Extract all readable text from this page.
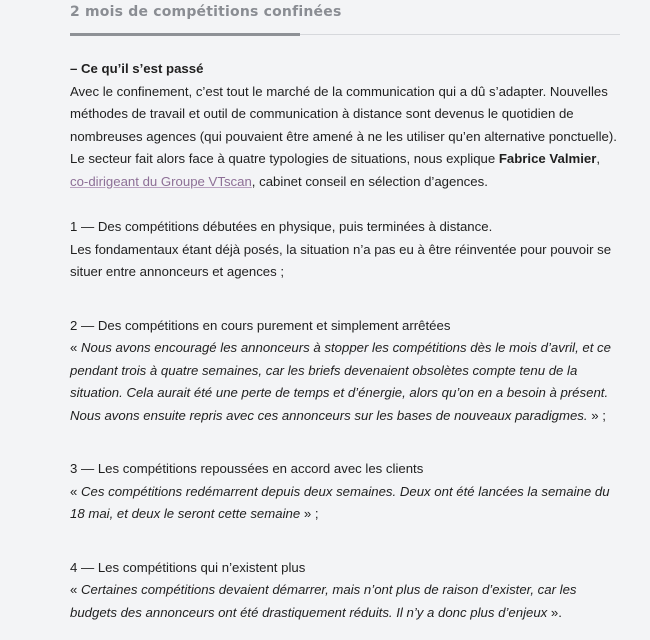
2 mois de compétitions confinées

– Ce qu’il s’est passé

Avec le confinement, c’est tout le marché de la communication qui a dû s’adapter. Nouvelles méthodes de travail et outil de communication à distance sont devenus le quotidien de nombreuses agences (qui pouvaient être amené à ne les utiliser qu’en alternative ponctuelle). Le secteur fait alors face à quatre typologies de situations, nous explique Fabrice Valmier, co-dirigeant du Groupe VTscan, cabinet conseil en sélection d’agences.

1 — Des compétitions débutées en physique, puis terminées à distance.

Les fondamentaux étant déjà posés, la situation n’a pas eu à être réinventée pour pouvoir se situer entre annonceurs et agences ;

2 — Des compétitions en cours purement et simplement arrêtées

« Nous avons encouragé les annonceurs à stopper les compétitions dès le mois d’avril, et ce pendant trois à quatre semaines, car les briefs devenaient obsolètes compte tenu de la situation. Cela aurait été une perte de temps et d’énergie, alors qu’on en a besoin à présent. Nous avons ensuite repris avec ces annonceurs sur les bases de nouveaux paradigmes. » ;

3 — Les compétitions repoussées en accord avec les clients

« Ces compétitions redémarrent depuis deux semaines. Deux ont été lancées la semaine du 18 mai, et deux le seront cette semaine » ;

4 — Les compétitions qui n’existent plus

« Certaines compétitions devaient démarrer, mais n’ont plus de raison d’exister, car les budgets des annonceurs ont été drastiquement réduits. Il n’y a donc plus d’enjeux ».
